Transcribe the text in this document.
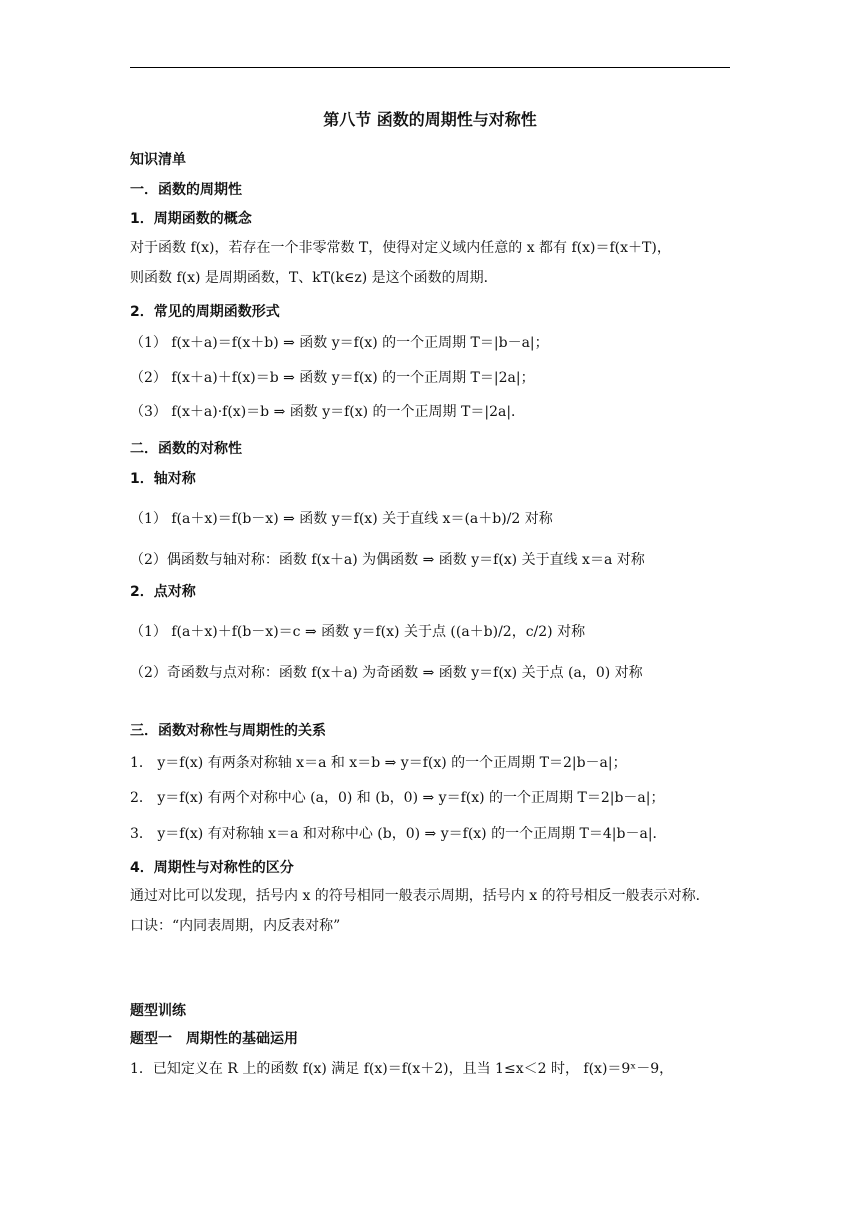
第八节 函数的周期性与对称性
知识清单
一．函数的周期性
1．周期函数的概念
对于函数 f(x)，若存在一个非零常数 T，使得对定义域内任意的 x 都有 f(x)＝f(x＋T)，
则函数 f(x) 是周期函数，T、kT(k∈z) 是这个函数的周期．
2．常见的周期函数形式
（1） f(x＋a)＝f(x＋b) ⇒ 函数 y＝f(x) 的一个正周期 T＝|b－a|；
（2） f(x＋a)＋f(x)＝b ⇒ 函数 y＝f(x) 的一个正周期 T＝|2a|；
（3） f(x＋a)·f(x)＝b ⇒ 函数 y＝f(x) 的一个正周期 T＝|2a|．
二．函数的对称性
1．轴对称
（1） f(a＋x)＝f(b－x) ⇒ 函数 y＝f(x) 关于直线 x＝(a＋b)/2 对称
（2）偶函数与轴对称：函数 f(x＋a) 为偶函数 ⇒ 函数 y＝f(x) 关于直线 x＝a 对称
2．点对称
（1） f(a＋x)＋f(b－x)＝c ⇒ 函数 y＝f(x) 关于点 ((a＋b)/2，c/2) 对称
（2）奇函数与点对称：函数 f(x＋a) 为奇函数 ⇒ 函数 y＝f(x) 关于点 (a，0) 对称
三．函数对称性与周期性的关系
1． y＝f(x) 有两条对称轴 x＝a 和 x＝b ⇒ y＝f(x) 的一个正周期 T＝2|b－a|；
2． y＝f(x) 有两个对称中心 (a，0) 和 (b，0) ⇒ y＝f(x) 的一个正周期 T＝2|b－a|；
3． y＝f(x) 有对称轴 x＝a 和对称中心 (b，0) ⇒ y＝f(x) 的一个正周期 T＝4|b－a|．
4．周期性与对称性的区分
通过对比可以发现，括号内 x 的符号相同一般表示周期，括号内 x 的符号相反一般表示对称．
口诀：“内同表周期，内反表对称”
题型训练
题型一　周期性的基础运用
1．已知定义在 R 上的函数 f(x) 满足 f(x)＝f(x＋2)，且当 1≤x＜2 时， f(x)＝9ˣ－9，
